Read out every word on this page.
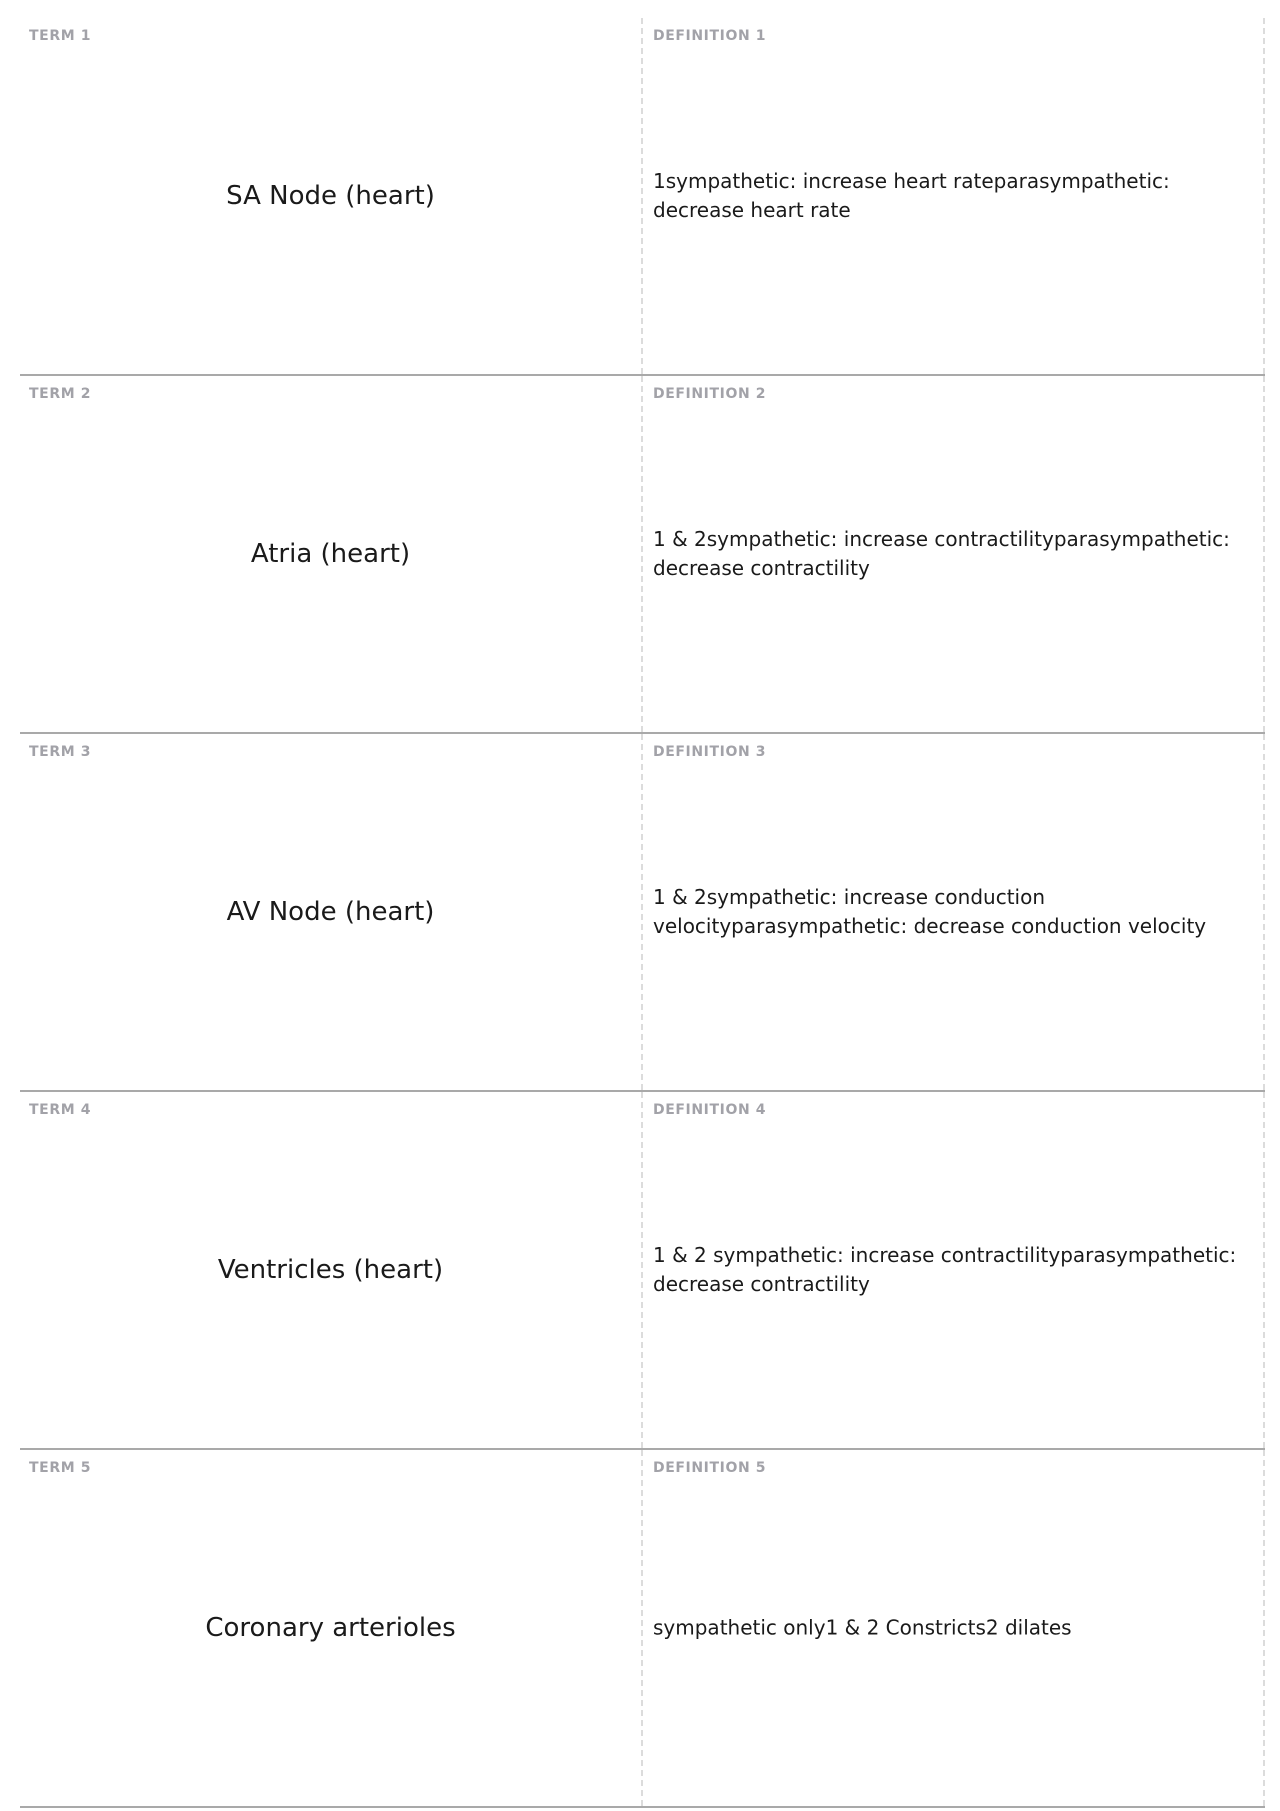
TERM 1
SA Node (heart)
DEFINITION 1
1sympathetic: increase heart rateparasympathetic: decrease heart rate
TERM 2
Atria (heart)
DEFINITION 2
1 & 2sympathetic: increase contractilityparasympathetic: decrease contractility
TERM 3
AV Node (heart)
DEFINITION 3
1 & 2sympathetic: increase conduction velocityparasympathetic: decrease conduction velocity
TERM 4
Ventricles (heart)
DEFINITION 4
1 & 2 sympathetic: increase contractilityparasympathetic: decrease contractility
TERM 5
Coronary arterioles
DEFINITION 5
sympathetic only1 & 2 Constricts2 dilates
